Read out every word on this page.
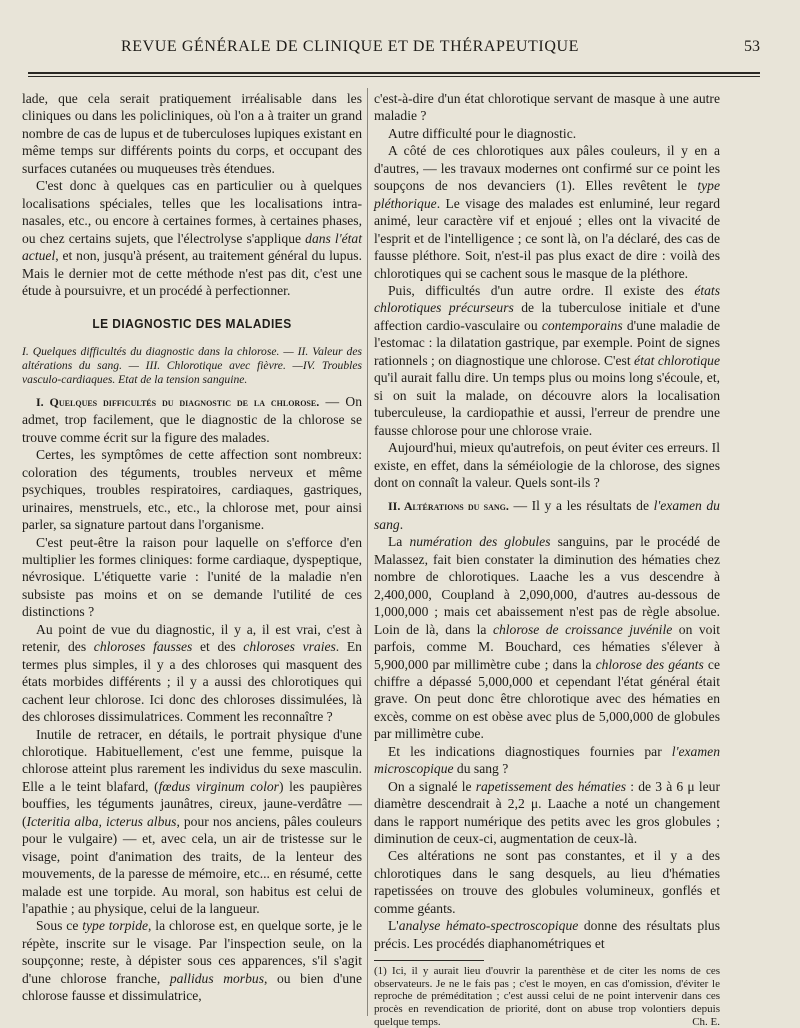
REVUE GÉNÉRALE DE CLINIQUE ET DE THÉRAPEUTIQUE	53

lade, que cela serait pratiquement irréalisable dans les cliniques ou dans les policliniques, où l'on a à traiter un grand nombre de cas de lupus et de tuberculoses lupiques existant en même temps sur différents points du corps, et occupant des surfaces cutanées ou muqueuses très étendues.

C'est donc à quelques cas en particulier ou à quelques localisations spéciales, telles que les localisations intra-nasales, etc., ou encore à certaines formes, à certaines phases, ou chez certains sujets, que l'électrolyse s'applique dans l'état actuel, et non, jusqu'à présent, au traitement général du lupus. Mais le dernier mot de cette méthode n'est pas dit, c'est une étude à poursuivre, et un procédé à perfectionner.

LE DIAGNOSTIC DES MALADIES
I. Quelques difficultés du diagnostic dans la chlorose. — II. Valeur des altérations du sang. — III. Chlorotique avec fièvre. —IV. Troubles vasculo-cardiaques. Etat de la tension sanguine.

I. Quelques difficultés du diagnostic de la chlorose. — On admet, trop facilement, que le diagnostic de la chlorose se trouve comme écrit sur la figure des malades.

Certes, les symptômes de cette affection sont nombreux: coloration des téguments, troubles nerveux et même psychiques, troubles respiratoires, cardiaques, gastriques, urinaires, menstruels, etc., etc., la chlorose met, pour ainsi parler, sa signature partout dans l'organisme.

C'est peut-être la raison pour laquelle on s'efforce d'en multiplier les formes cliniques: forme cardiaque, dyspeptique, névrosique. L'étiquette varie : l'unité de la maladie n'en subsiste pas moins et on se demande l'utilité de ces distinctions ?

Au point de vue du diagnostic, il y a, il est vrai, c'est à retenir, des chloroses fausses et des chloroses vraies. En termes plus simples, il y a des chloroses qui masquent des états morbides différents ; il y a aussi des chlorotiques qui cachent leur chlorose. Ici donc des chloroses dissimulées, là des chloroses dissimulatrices. Comment les reconnaître ?

Inutile de retracer, en détails, le portrait physique d'une chlorotique. Habituellement, c'est une femme, puisque la chlorose atteint plus rarement les individus du sexe masculin. Elle a le teint blafard, (fœdus virginum color) les paupières bouffies, les téguments jaunâtres, cireux, jaune-verdâtre — (Icteritia alba, icterus albus, pour nos anciens, pâles couleurs pour le vulgaire) — et, avec cela, un air de tristesse sur le visage, point d'animation des traits, de la lenteur des mouvements, de la paresse de mémoire, etc... en résumé, cette malade est une torpide. Au moral, son habitus est celui de l'apathie ; au physique, celui de la langueur.

Sous ce type torpide, la chlorose est, en quelque sorte, je le répète, inscrite sur le visage. Par l'inspection seule, on la soupçonne; reste, à dépister sous ces apparences, s'il s'agit d'une chlorose franche, pallidus morbus, ou bien d'une chlorose fausse et dissimulatrice,

c'est-à-dire d'un état chlorotique servant de masque à une autre maladie ?

Autre difficulté pour le diagnostic.

A côté de ces chlorotiques aux pâles couleurs, il y en a d'autres, — les travaux modernes ont confirmé sur ce point les soupçons de nos devanciers (1). Elles revêtent le type pléthorique. Le visage des malades est enluminé, leur regard animé, leur caractère vif et enjoué ; elles ont la vivacité de l'esprit et de l'intelligence ; ce sont là, on l'a déclaré, des cas de fausse pléthore. Soit, n'est-il pas plus exact de dire : voilà des chlorotiques qui se cachent sous le masque de la pléthore.

Puis, difficultés d'un autre ordre. Il existe des états chlorotiques précurseurs de la tuberculose initiale et d'une affection cardio-vasculaire ou contemporains d'une maladie de l'estomac : la dilatation gastrique, par exemple. Point de signes rationnels ; on diagnostique une chlorose. C'est état chlorotique qu'il aurait fallu dire. Un temps plus ou moins long s'écoule, et, si on suit la malade, on découvre alors la localisation tuberculeuse, la cardiopathie et aussi, l'erreur de prendre une fausse chlorose pour une chlorose vraie.

Aujourd'hui, mieux qu'autrefois, on peut éviter ces erreurs. Il existe, en effet, dans la séméiologie de la chlorose, des signes dont on connaît la valeur. Quels sont-ils ?

II. Altérations du sang. — Il y a les résultats de l'examen du sang.

La numération des globules sanguins, par le procédé de Malassez, fait bien constater la diminution des hématies chez nombre de chlorotiques. Laache les a vus descendre à 2,400,000, Coupland à 2,090,000, d'autres au-dessous de 1,000,000 ; mais cet abaissement n'est pas de règle absolue. Loin de là, dans la chlorose de croissance juvénile on voit parfois, comme M. Bouchard, ces hématies s'élever à 5,900,000 par millimètre cube ; dans la chlorose des géants ce chiffre a dépassé 5,000,000 et cependant l'état général était grave. On peut donc être chlorotique avec des hématies en excès, comme on est obèse avec plus de 5,000,000 de globules par millimètre cube.

Et les indications diagnostiques fournies par l'examen microscopique du sang ?

On a signalé le rapetissement des hématies : de 3 à 6 μ leur diamètre descendrait à 2,2 μ. Laache a noté un changement dans le rapport numérique des petits avec les gros globules ; diminution de ceux-ci, augmentation de ceux-là.

Ces altérations ne sont pas constantes, et il y a des chlorotiques dans le sang desquels, au lieu d'hématies rapetissées on trouve des globules volumineux, gonflés et comme géants.

L'analyse hémato-spectroscopique donne des résultats plus précis. Les procédés diaphanométriques et

(1) Ici, il y aurait lieu d'ouvrir la parenthèse et de citer les noms de ces observateurs. Je ne le fais pas ; c'est le moyen, en cas d'omission, d'éviter le reproche de préméditation ; c'est aussi celui de ne point intervenir dans ces procès en revendication de priorité, dont on abuse trop volontiers depuis quelque temps.	Ch. E.
